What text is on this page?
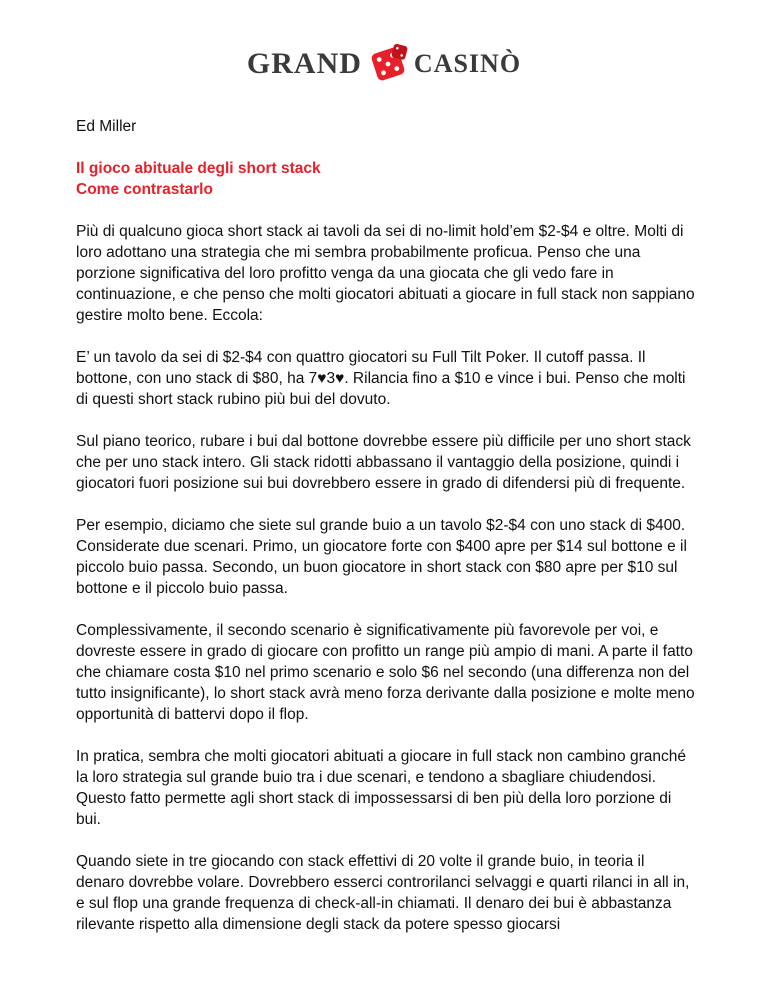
GRAND CASINÒ
Ed Miller
Il gioco abituale degli short stack
Come contrastarlo

Più di qualcuno gioca short stack ai tavoli da sei di no-limit hold’em $2-$4 e oltre. Molti di loro adottano una strategia che mi sembra probabilmente proficua. Penso che una porzione significativa del loro profitto venga da una giocata che gli vedo fare in continuazione, e che penso che molti giocatori abituati a giocare in full stack non sappiano gestire molto bene. Eccola:

E’ un tavolo da sei di $2-$4 con quattro giocatori su Full Tilt Poker. Il cutoff passa. Il bottone, con uno stack di $80, ha 7♥3♥. Rilancia fino a $10 e vince i bui. Penso che molti di questi short stack rubino più bui del dovuto.

Sul piano teorico, rubare i bui dal bottone dovrebbe essere più difficile per uno short stack che per uno stack intero. Gli stack ridotti abbassano il vantaggio della posizione, quindi i giocatori fuori posizione sui bui dovrebbero essere in grado di difendersi più di frequente.

Per esempio, diciamo che siete sul grande buio a un tavolo $2-$4 con uno stack di $400. Considerate due scenari. Primo, un giocatore forte con $400 apre per $14 sul bottone e il piccolo buio passa. Secondo, un buon giocatore in short stack con $80 apre per $10 sul bottone e il piccolo buio passa.

Complessivamente, il secondo scenario è significativamente più favorevole per voi, e dovreste essere in grado di giocare con profitto un range più ampio di mani. A parte il fatto che chiamare costa $10 nel primo scenario e solo $6 nel secondo (una differenza non del tutto insignificante), lo short stack avrà meno forza derivante dalla posizione e molte meno opportunità di battervi dopo il flop.

In pratica, sembra che molti giocatori abituati a giocare in full stack non cambino granché la loro strategia sul grande buio tra i due scenari, e tendono a sbagliare chiudendosi. Questo fatto permette agli short stack di impossessarsi di ben più della loro porzione di bui.

Quando siete in tre giocando con stack effettivi di 20 volte il grande buio, in teoria il denaro dovrebbe volare. Dovrebbero esserci controrilanci selvaggi e quarti rilanci in all in, e sul flop una grande frequenza di check-all-in chiamati. Il denaro dei bui è abbastanza rilevante rispetto alla dimensione degli stack da potere spesso giocarsi
